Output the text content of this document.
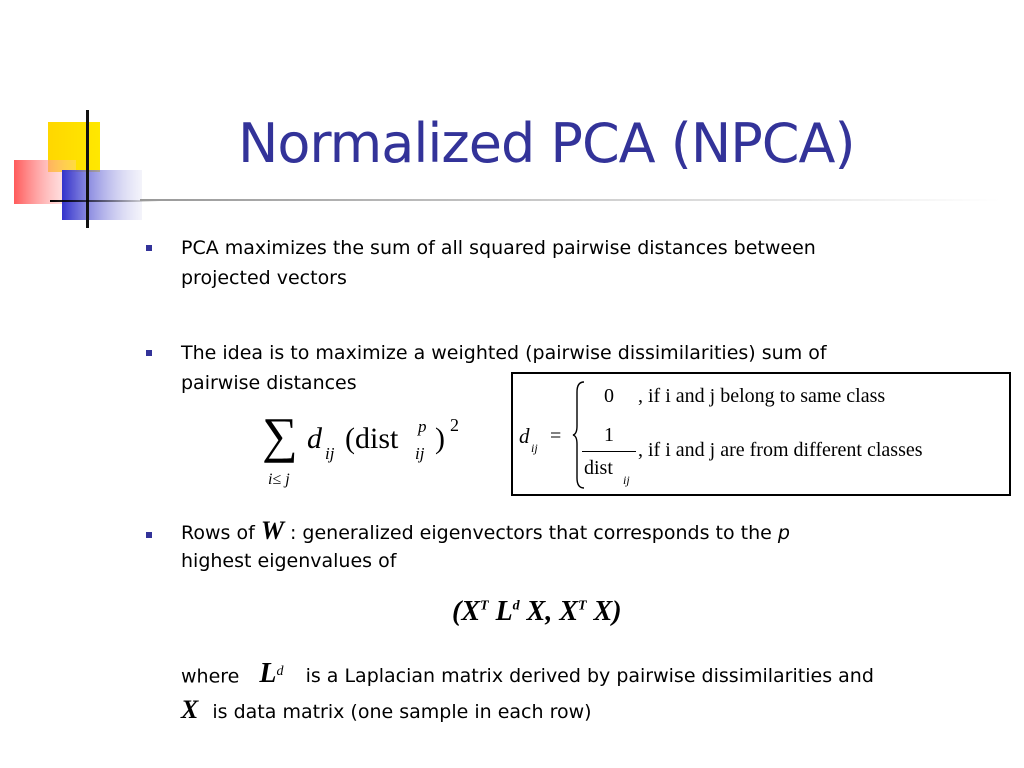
Normalized PCA (NPCA)
PCA maximizes the sum of all squared pairwise distances between
projected vectors
The idea is to maximize a weighted (pairwise dissimilarities) sum of
pairwise distances
∑
i≤ j
d ij (dist p
ij ) 2	d ij
=
0 , if i and j belong to same class
1
dist
ij
, if i and j are from different classes
Rows of W : generalized eigenvectors that corresponds to the p
highest eigenvalues of
($X^T$ $L^d$ X, $X^T$ X)
where $L^d$ is a Laplacian matrix derived by pairwise dissimilarities and
X is data matrix (one sample in each row)
